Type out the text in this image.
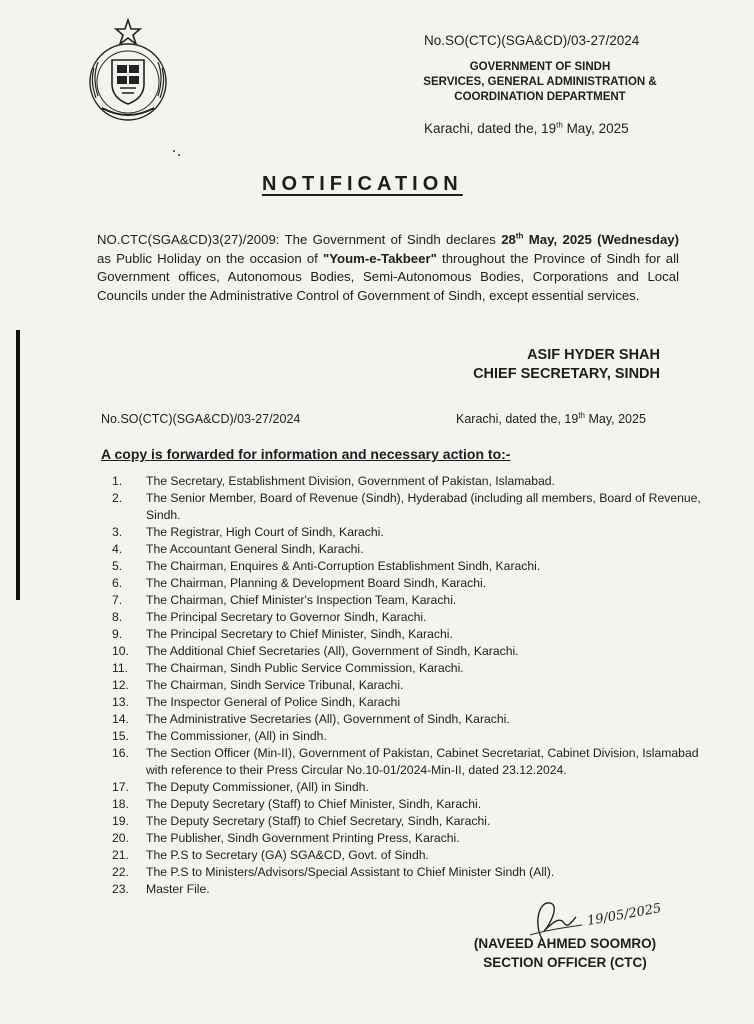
No.SO(CTC)(SGA&CD)/03-27/2024
GOVERNMENT OF SINDH
SERVICES, GENERAL ADMINISTRATION &
COORDINATION DEPARTMENT
Karachi, dated the, 19th May, 2025
NOTIFICATION
NO.CTC(SGA&CD)3(27)/2009: The Government of Sindh declares 28th May, 2025 (Wednesday) as Public Holiday on the occasion of "Youm-e-Takbeer" throughout the Province of Sindh for all Government offices, Autonomous Bodies, Semi-Autonomous Bodies, Corporations and Local Councils under the Administrative Control of Government of Sindh, except essential services.
ASIF HYDER SHAH
CHIEF SECRETARY, SINDH
No.SO(CTC)(SGA&CD)/03-27/2024	Karachi, dated the, 19th May, 2025
A copy is forwarded for information and necessary action to:-
1.	The Secretary, Establishment Division, Government of Pakistan, Islamabad.
2.	The Senior Member, Board of Revenue (Sindh), Hyderabad (including all members, Board of Revenue, Sindh.
3.	The Registrar, High Court of Sindh, Karachi.
4.	The Accountant General Sindh, Karachi.
5.	The Chairman, Enquires & Anti-Corruption Establishment Sindh, Karachi.
6.	The Chairman, Planning & Development Board Sindh, Karachi.
7.	The Chairman, Chief Minister's Inspection Team, Karachi.
8.	The Principal Secretary to Governor Sindh, Karachi.
9.	The Principal Secretary to Chief Minister, Sindh, Karachi.
10.	The Additional Chief Secretaries (All), Government of Sindh, Karachi.
11.	The Chairman, Sindh Public Service Commission, Karachi.
12.	The Chairman, Sindh Service Tribunal, Karachi.
13.	The Inspector General of Police Sindh, Karachi
14.	The Administrative Secretaries (All), Government of Sindh, Karachi.
15.	The Commissioner, (All) in Sindh.
16.	The Section Officer (Min-II), Government of Pakistan, Cabinet Secretariat, Cabinet Division, Islamabad with reference to their Press Circular No.10-01/2024-Min-II, dated 23.12.2024.
17.	The Deputy Commissioner, (All) in Sindh.
18.	The Deputy Secretary (Staff) to Chief Minister, Sindh, Karachi.
19.	The Deputy Secretary (Staff) to Chief Secretary, Sindh, Karachi.
20.	The Publisher, Sindh Government Printing Press, Karachi.
21.	The P.S to Secretary (GA) SGA&CD, Govt. of Sindh.
22.	The P.S to Ministers/Advisors/Special Assistant to Chief Minister Sindh (All).
23.	Master File.
19/05/2025
(NAVEED AHMED SOOMRO)
SECTION OFFICER (CTC)
